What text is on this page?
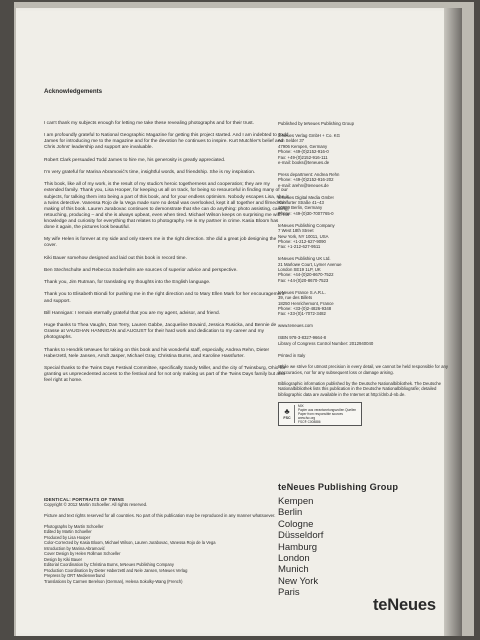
Acknowledgements

I can't thank my subjects enough for letting me take these revealing photographs and for their trust.

I am profoundly grateful to National Geographic Magazine for getting this project started. And I am indebted to Todd James for introducing me to the magazine and for the devotion he continues to inspire. Kurt Mutchler's belief and Chris Johns' leadership and support are invaluable.

Robert Clark persuaded Todd James to hire me, his generosity is greatly appreciated.

I'm very grateful for Marina Abramović's time, insightful words, and friendship. She is my inspiration.

This book, like all of my work, is the result of my studio's heroic togetherness and cooperation; they are my extended family. Thank you, Lisa Hooper, for keeping us all on track, for being so resourceful in finding many of our subjects, for talking them into being a part of this book, and for your endless optimism. Nobody escapes Lisa, she is a twins detective. Vanessa Rojo de la Vega made sure no detail was overlooked, kept it all together and filmed the making of this book. Lauren Jurabovac continues to demonstrate that she can do anything: photo assisting, casting, retouching, producing – and she is always upbeat, even when tired. Michael Wilson keeps on surprising me with his knowledge and curiosity for everything that relates to photography. He is my partner in crime. Kasia Bloom has done it again, the pictures look beautiful.

My wife Helen is forever at my side and only steers me in the right direction. She did a great job designing the cover.

Kiki Bauer somehow designed and laid out this book in record time.

Ben Stechschulte and Rebecca Soderholm are sources of superior advice and perspective.

Thank you, Jim Rutman, for translating my thoughts into the English language.

Thank you to Elisabeth Biondi for pushing me in the right direction and to Mary Ellen Mark for her encouragement and support.

Bill Hannigan: I remain eternally grateful that you are my agent, advisor, and friend.

Huge thanks to Thea Vaughn, Dan Terry, Lauren Gabbe, Jacqueline Bovaird, Jessica Rusicka, and Bennie de Grasse at VAUGHAN HANNIGAN and AUGUST for their hard work and dedication to my career and my photographs.

Thanks to Hendrik teNeues for taking on this book and his wonderful staff, especially, Andrea Rehn, Dieter Haberzettl, Nele Jansen, Arndt Jasper, Michael Gray, Christina Burns, and Karoline Hassfurter.

Special thanks to the Twins Days Festival Committee, specifically Sandy Miller, and the city of Twinsburg, Ohio for granting us unprecedented access to the festival and for not only making us part of the Twins Days family but also feel right at home.

Published by teNeues Publishing Group
teNeues Verlag GmbH + Co. KG
Am Selder 37
47906 Kempen, Germany
Phone: +49-(0)2152-916-0
Fax: +49-(0)2152-916-111
e-mail: books@teneues.de
Press department: Andrea Rehn
Phone: +49-(0)2152-916-202
e-mail: arehn@teneues.de
teNeues Digital Media GmbH
Kohlfurter Straße 41–43
10999 Berlin, Germany
Phone: +49-(0)30-7007765-0
teNeues Publishing Company
7 West 18th Street
New York, NY 10011, USA
Phone: +1-212-627-9090
Fax: +1-212-627-9511
teNeues Publishing UK Ltd.
21 Marlowe Court, Lymer Avenue
London SE19 1LP, UK
Phone: +44-(0)20-8670-7522
Fax: +44-(0)20-8670-7523
teNeues France S.A.R.L.
39, rue des Billets
18250 Henrichemont, France
Phone: +33-(0)2-4826-9348
Fax: +33-(0)1-7072-3482
www.teneues.com
ISBN 978-3-8327-9664-8
Library of Congress Control Number: 2012940040
Printed in Italy
While we strive for utmost precision in every detail, we cannot be held responsible for any inaccuracies, nor for any subsequent loss or damage arising.
Bibliographic information published by the Deutsche Nationalbibliothek. The Deutsche Nationalbibliothek lists this publication in the Deutsche Nationalbibliografie; detailed bibliographic data are available in the Internet at http://dnb.d-nb.de.
♣
FSC
MIX
Papier aus verantwortungsvollen Quellen
Paper from responsible sources
www.fsc.org
FSC® C008886
IDENTICAL: PORTRAITS OF TWINS
Copyright © 2012 Martin Schoeller. All rights reserved.
Picture and text rights reserved for all countries. No part of this publication may be reproduced in any manner whatsoever.
Photographs by Martin Schoeller
Edited by Martin Schoeller
Produced by Lisa Hooper
Color-Corrected by Kasia Bloom, Michael Wilson, Lauren Jurabovac, Vanessa Rojo de la Vega
Introduction by Marina Abramović
Cover Design by Helen Rollman Schoeller
Design by Kiki Bauer
Editorial Coordination by Christina Burns, teNeues Publishing Company
Production Coordination by Dieter Haberzettl and Nele Jansen, teNeues Verlag
Prepress by ORT Medienverbund
Translations by Carmen Berelson (German), Helena Sokolky-Wang (French)
teNeues Publishing Group
Kempen
Berlin
Cologne
Düsseldorf
Hamburg
London
Munich
New York
Paris
teNeues
